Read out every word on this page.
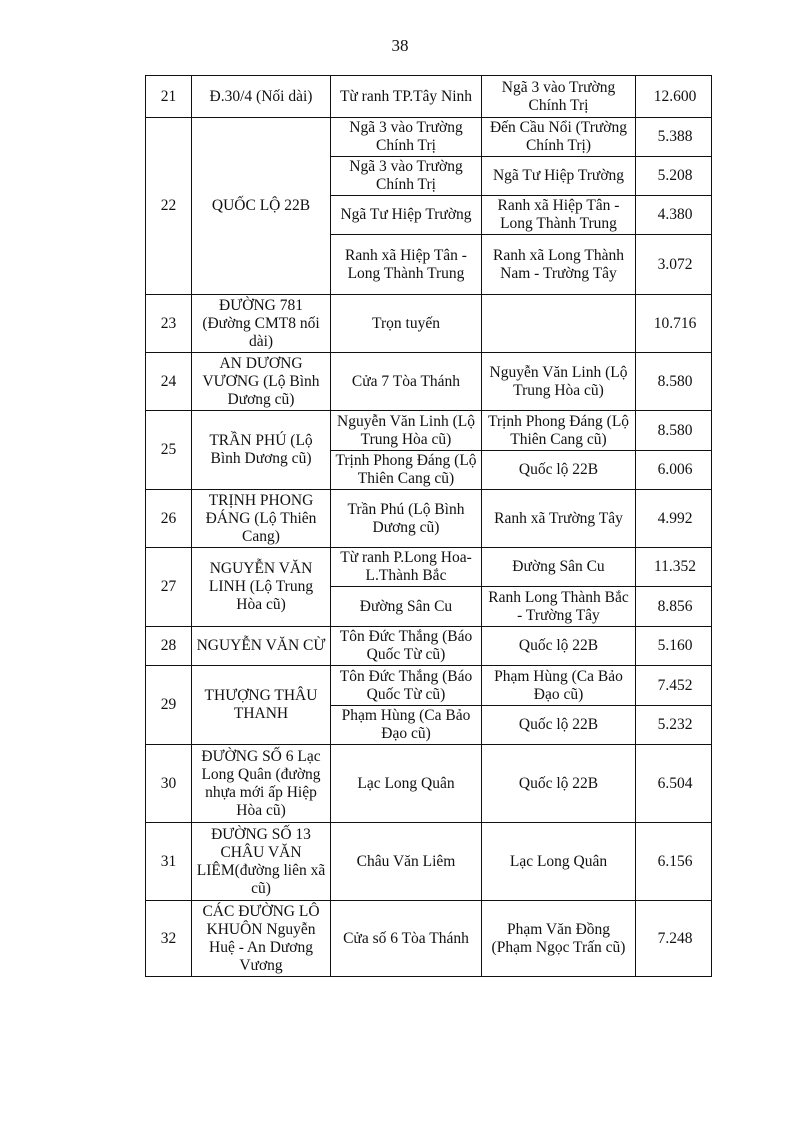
38
21	Đ.30/4 (Nối dài)	Từ ranh TP.Tây Ninh	Ngã 3 vào Trường Chính Trị	12.600
22	QUỐC LỘ 22B	Ngã 3 vào Trường Chính Trị	Đến Cầu Nổi (Trường Chính Trị)	5.388
		Ngã 3 vào Trường Chính Trị	Ngã Tư Hiệp Trường	5.208
		Ngã Tư Hiệp Trường	Ranh xã Hiệp Tân - Long Thành Trung	4.380
		Ranh xã Hiệp Tân - Long Thành Trung	Ranh xã Long Thành Nam - Trường Tây	3.072
23	ĐƯỜNG 781 (Đường CMT8 nối dài)	Trọn tuyến		10.716
24	AN DƯƠNG VƯƠNG (Lộ Bình Dương cũ)	Cửa 7 Tòa Thánh	Nguyễn Văn Linh (Lộ Trung Hòa cũ)	8.580
25	TRẦN PHÚ (Lộ Bình Dương cũ)	Nguyễn Văn Linh (Lộ Trung Hòa cũ)	Trịnh Phong Đáng (Lộ Thiên Cang cũ)	8.580
		Trịnh Phong Đáng (Lộ Thiên Cang cũ)	Quốc lộ 22B	6.006
26	TRỊNH PHONG ĐÁNG (Lộ Thiên Cang)	Trần Phú (Lộ Bình Dương cũ)	Ranh xã Trường Tây	4.992
27	NGUYỄN VĂN LINH (Lộ Trung Hòa cũ)	Từ ranh P.Long Hoa-L.Thành Bắc	Đường Sân Cu	11.352
		Đường Sân Cu	Ranh Long Thành Bắc - Trường Tây	8.856
28	NGUYỄN VĂN CỪ	Tôn Đức Thắng (Báo Quốc Từ cũ)	Quốc lộ 22B	5.160
29	THƯỢNG THÂU THANH	Tôn Đức Thắng (Báo Quốc Từ cũ)	Phạm Hùng (Ca Bảo Đạo cũ)	7.452
		Phạm Hùng (Ca Bảo Đạo cũ)	Quốc lộ 22B	5.232
30	ĐƯỜNG SỐ 6 Lạc Long Quân (đường nhựa mới ấp Hiệp Hòa cũ)	Lạc Long Quân	Quốc lộ 22B	6.504
31	ĐƯỜNG SỐ 13 CHÂU VĂN LIÊM(đường liên xã cũ)	Châu Văn Liêm	Lạc Long Quân	6.156
32	CÁC ĐƯỜNG LÔ KHUÔN Nguyễn Huệ - An Dương Vương	Cửa số 6 Tòa Thánh	Phạm Văn Đồng (Phạm Ngọc Trấn cũ)	7.248
